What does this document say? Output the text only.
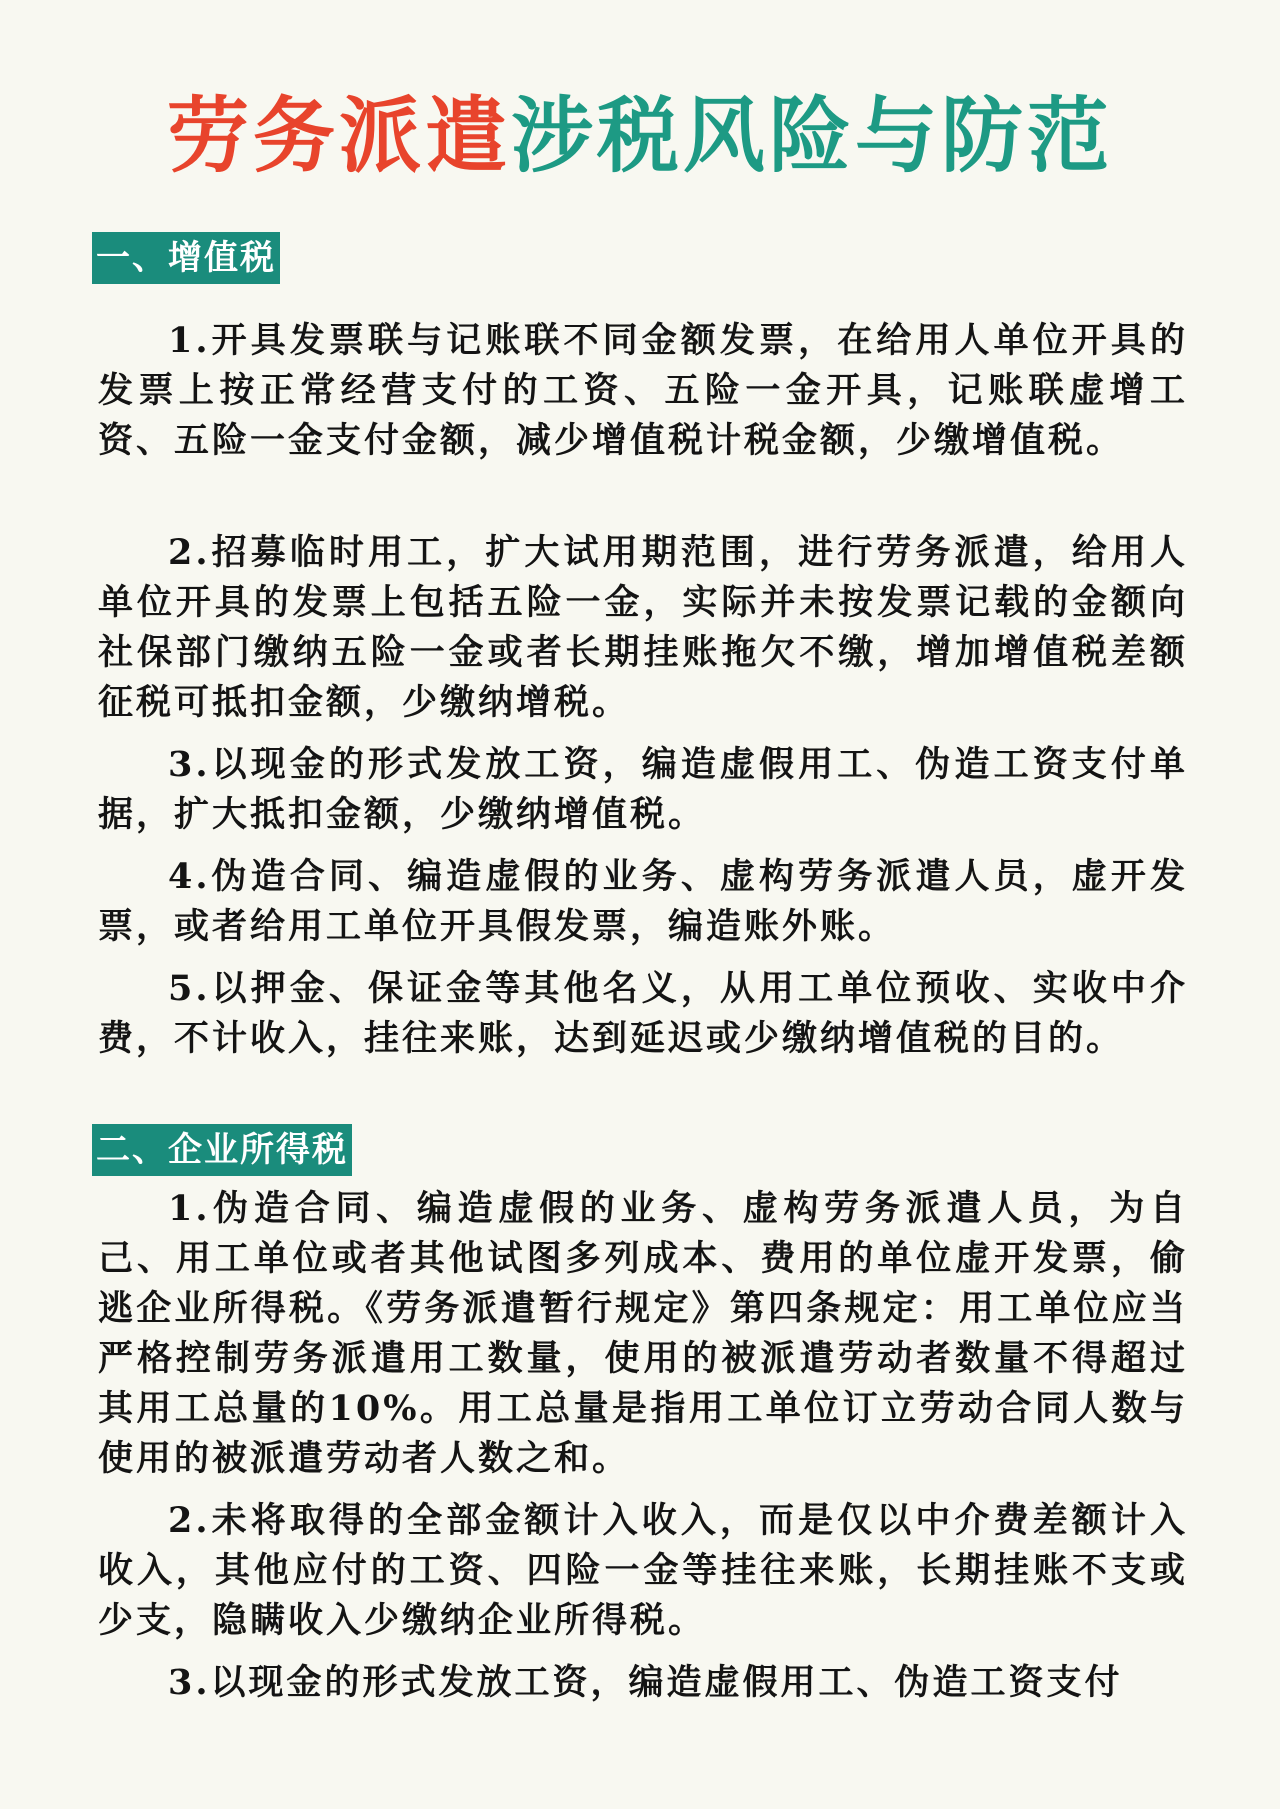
劳务派遣涉税风险与防范
一、增值税

1.开具发票联与记账联不同金额发票，在给用人单位开具的发票上按正常经营支付的工资、五险一金开具，记账联虚增工资、五险一金支付金额，减少增值税计税金额，少缴增值税。

2.招募临时用工，扩大试用期范围，进行劳务派遣，给用人单位开具的发票上包括五险一金，实际并未按发票记载的金额向社保部门缴纳五险一金或者长期挂账拖欠不缴，增加增值税差额征税可抵扣金额，少缴纳增税。

3.以现金的形式发放工资，编造虚假用工、伪造工资支付单据，扩大抵扣金额，少缴纳增值税。

4.伪造合同、编造虚假的业务、虚构劳务派遣人员，虚开发票，或者给用工单位开具假发票，编造账外账。

5.以押金、保证金等其他名义，从用工单位预收、实收中介费，不计收入，挂往来账，达到延迟或少缴纳增值税的目的。

二、企业所得税

1.伪造合同、编造虚假的业务、虚构劳务派遣人员，为自己、用工单位或者其他试图多列成本、费用的单位虚开发票，偷逃企业所得税。《劳务派遣暂行规定》第四条规定：用工单位应当严格控制劳务派遣用工数量，使用的被派遣劳动者数量不得超过其用工总量的10%。用工总量是指用工单位订立劳动合同人数与使用的被派遣劳动者人数之和。

2.未将取得的全部金额计入收入，而是仅以中介费差额计入收入，其他应付的工资、四险一金等挂往来账，长期挂账不支或少支，隐瞒收入少缴纳企业所得税。

3.以现金的形式发放工资，编造虚假用工、伪造工资支付
